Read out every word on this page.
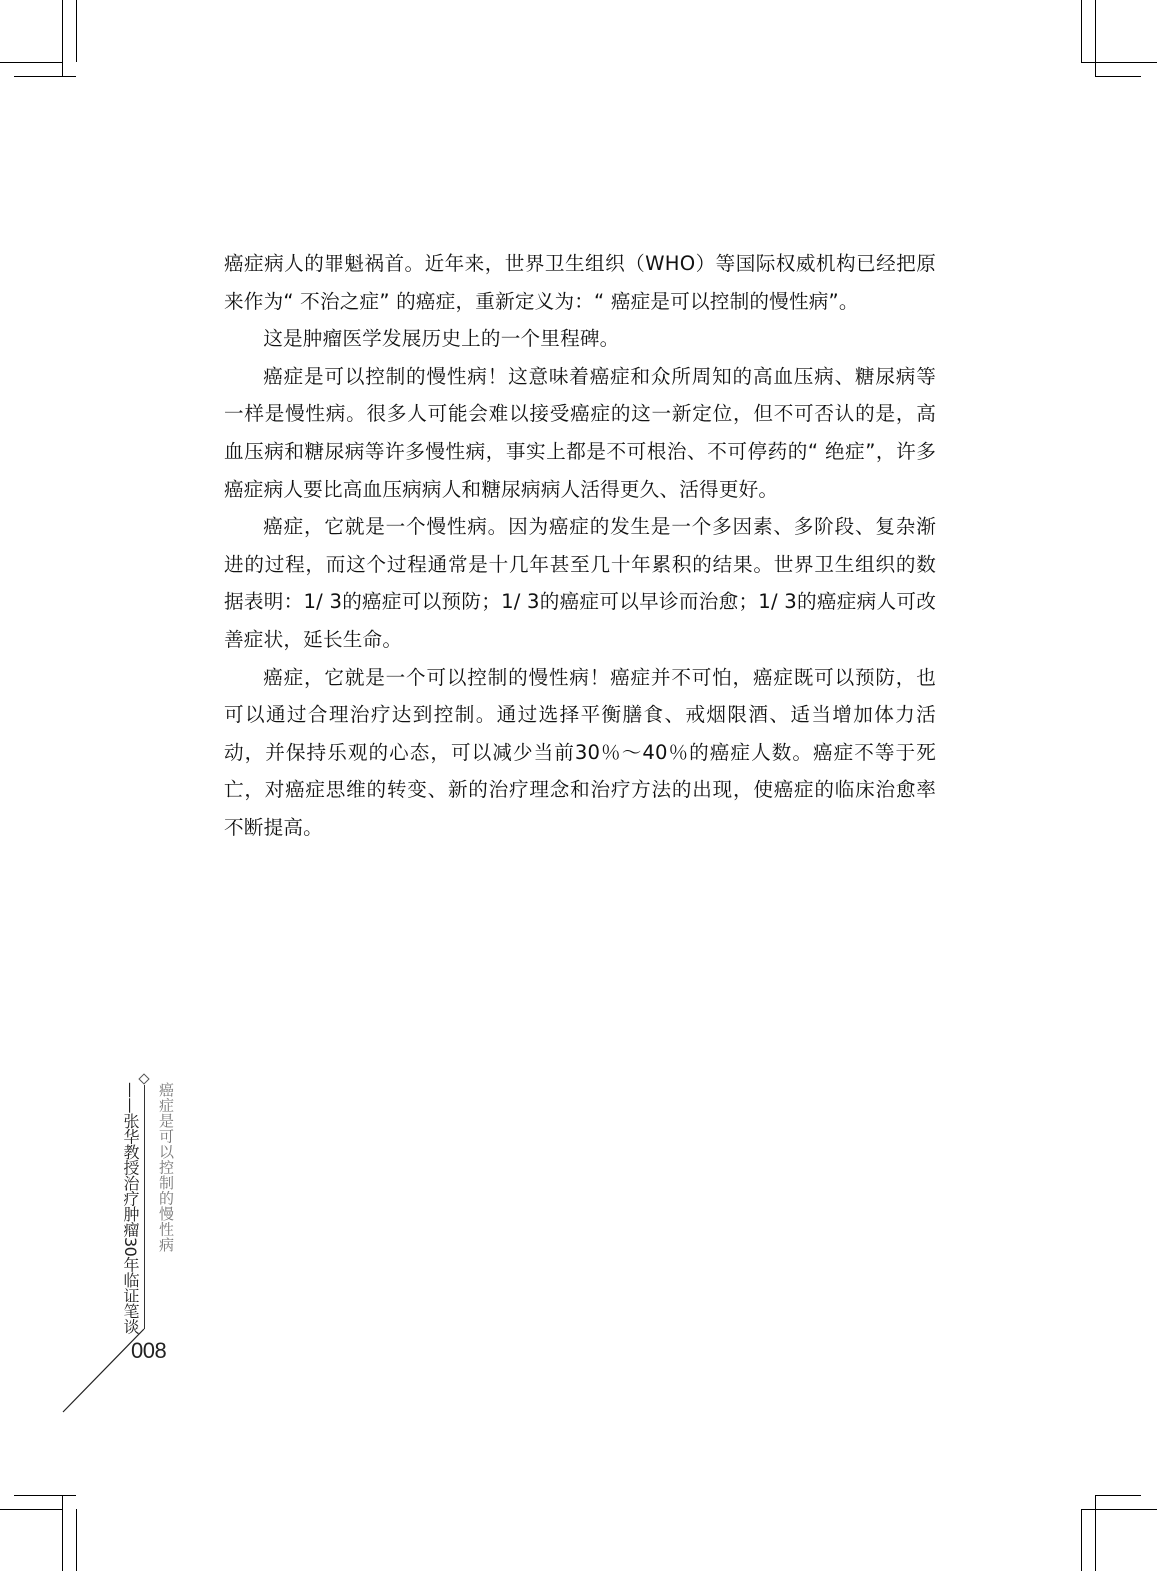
癌症病人的罪魁祸首。近年来，世界卫生组织（WHO）等国际权威机构已经把原来作为“ 不治之症” 的癌症，重新定义为：“ 癌症是可以控制的慢性病”。

这是肿瘤医学发展历史上的一个里程碑。

癌症是可以控制的慢性病！这意味着癌症和众所周知的高血压病、糖尿病等一样是慢性病。很多人可能会难以接受癌症的这一新定位，但不可否认的是，高血压病和糖尿病等许多慢性病，事实上都是不可根治、不可停药的“ 绝症”，许多癌症病人要比高血压病病人和糖尿病病人活得更久、活得更好。

癌症，它就是一个慢性病。因为癌症的发生是一个多因素、多阶段、复杂渐进的过程，而这个过程通常是十几年甚至几十年累积的结果。世界卫生组织的数据表明：1/ 3的癌症可以预防；1/ 3的癌症可以早诊而治愈；1/ 3的癌症病人可改善症状，延长生命。

癌症，它就是一个可以控制的慢性病！癌症并不可怕，癌症既可以预防，也可以通过合理治疗达到控制。通过选择平衡膳食、戒烟限酒、适当增加体力活动，并保持乐观的心态，可以减少当前30％～40％的癌症人数。癌症不等于死亡，对癌症思维的转变、新的治疗理念和治疗方法的出现，使癌症的临床治愈率不断提高。

癌症是可以控制的慢性病
——张华教授治疗肿瘤30年临证笔谈
008
